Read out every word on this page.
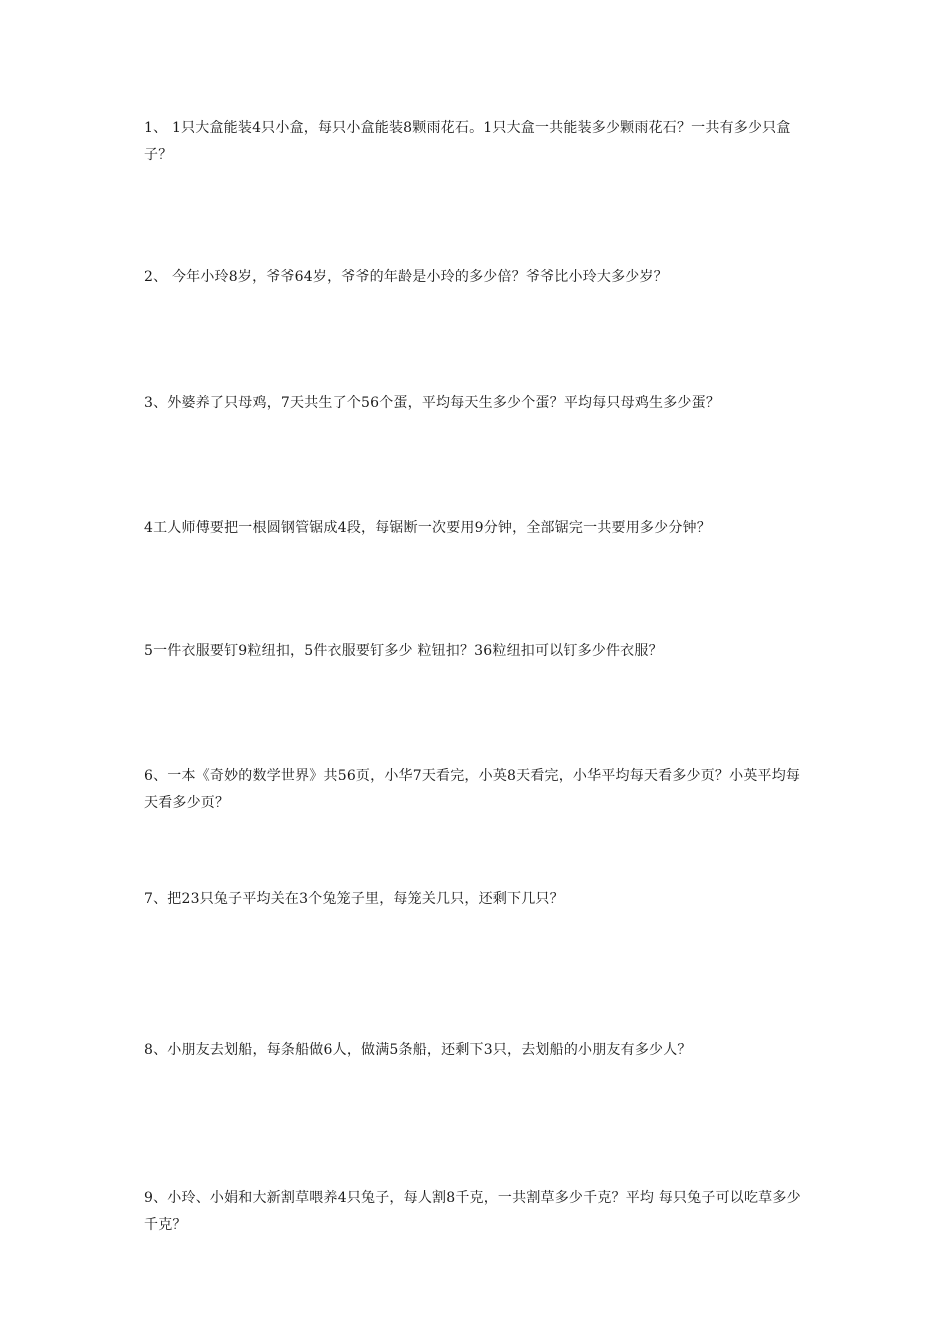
1、 1只大盒能装4只小盒，每只小盒能装8颗雨花石。1只大盒一共能装多少颗雨花石？一共有多少只盒子？

2、 今年小玲8岁，爷爷64岁，爷爷的年龄是小玲的多少倍？爷爷比小玲大多少岁？

3、外婆养了只母鸡，7天共生了个56个蛋，平均每天生多少个蛋？平均每只母鸡生多少蛋？

4工人师傅要把一根圆钢管锯成4段，每锯断一次要用9分钟，全部锯完一共要用多少分钟？

5一件衣服要钉9粒纽扣，5件衣服要钉多少 粒钮扣？36粒纽扣可以钉多少件衣服？

6、一本《奇妙的数学世界》共56页，小华7天看完，小英8天看完，小华平均每天看多少页？小英平均每天看多少页？

7、把23只兔子平均关在3个兔笼子里，每笼关几只，还剩下几只？

8、小朋友去划船，每条船做6人，做满5条船，还剩下3只，去划船的小朋友有多少人？

9、小玲、小娟和大新割草喂养4只兔子，每人割8千克，一共割草多少千克？平均 每只兔子可以吃草多少千克？
